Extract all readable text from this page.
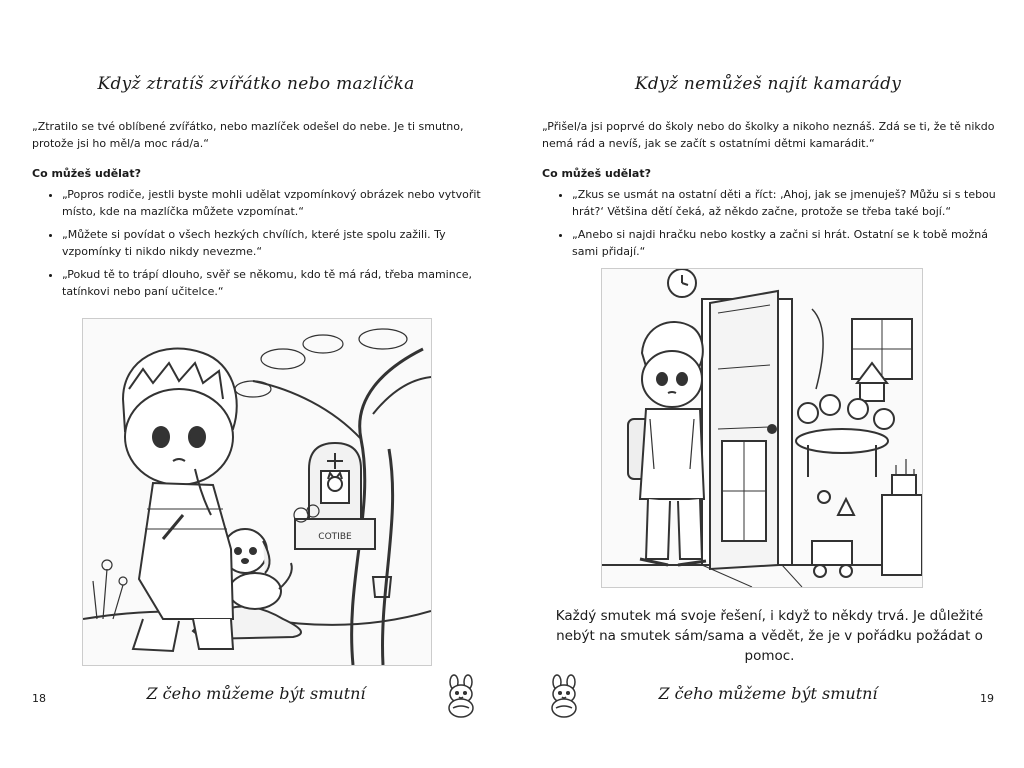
Když ztratíš zvířátko nebo mazlíčka
„Ztratilo se tvé oblíbené zvířátko, nebo mazlíček odešel do nebe. Je ti smutno, protože jsi ho měl/a moc rád/a.“
Co můžeš udělat?
• „Popros rodiče, jestli byste mohli udělat vzpomínkový obrázek nebo vytvořit místo, kde na mazlíčka můžete vzpomínat.“
• „Můžete si povídat o všech hezkých chvílích, které jste spolu zažili. Ty vzpomínky ti nikdo nikdy nevezme.“
• „Pokud tě to trápí dlouho, svěř se někomu, kdo tě má rád, třeba mamince, tatínkovi nebo paní učitelce.“
COTIBE
Z čeho můžeme být smutní
18
Když nemůžeš najít kamarády
„Přišel/a jsi poprvé do školy nebo do školky a nikoho neznáš. Zdá se ti, že tě nikdo nemá rád a nevíš, jak se začít s ostatními dětmi kamarádit.“
Co můžeš udělat?
• „Zkus se usmát na ostatní děti a říct: ‚Ahoj, jak se jmenuješ? Můžu si s tebou hrát?‘ Většina dětí čeká, až někdo začne, protože se třeba také bojí.“
• „Anebo si najdi hračku nebo kostky a začni si hrát. Ostatní se k tobě možná sami přidají.“
Každý smutek má svoje řešení, i když to někdy trvá. Je důležité nebýt na smutek sám/sama a vědět, že je v pořádku požádat o pomoc.
Z čeho můžeme být smutní	19
